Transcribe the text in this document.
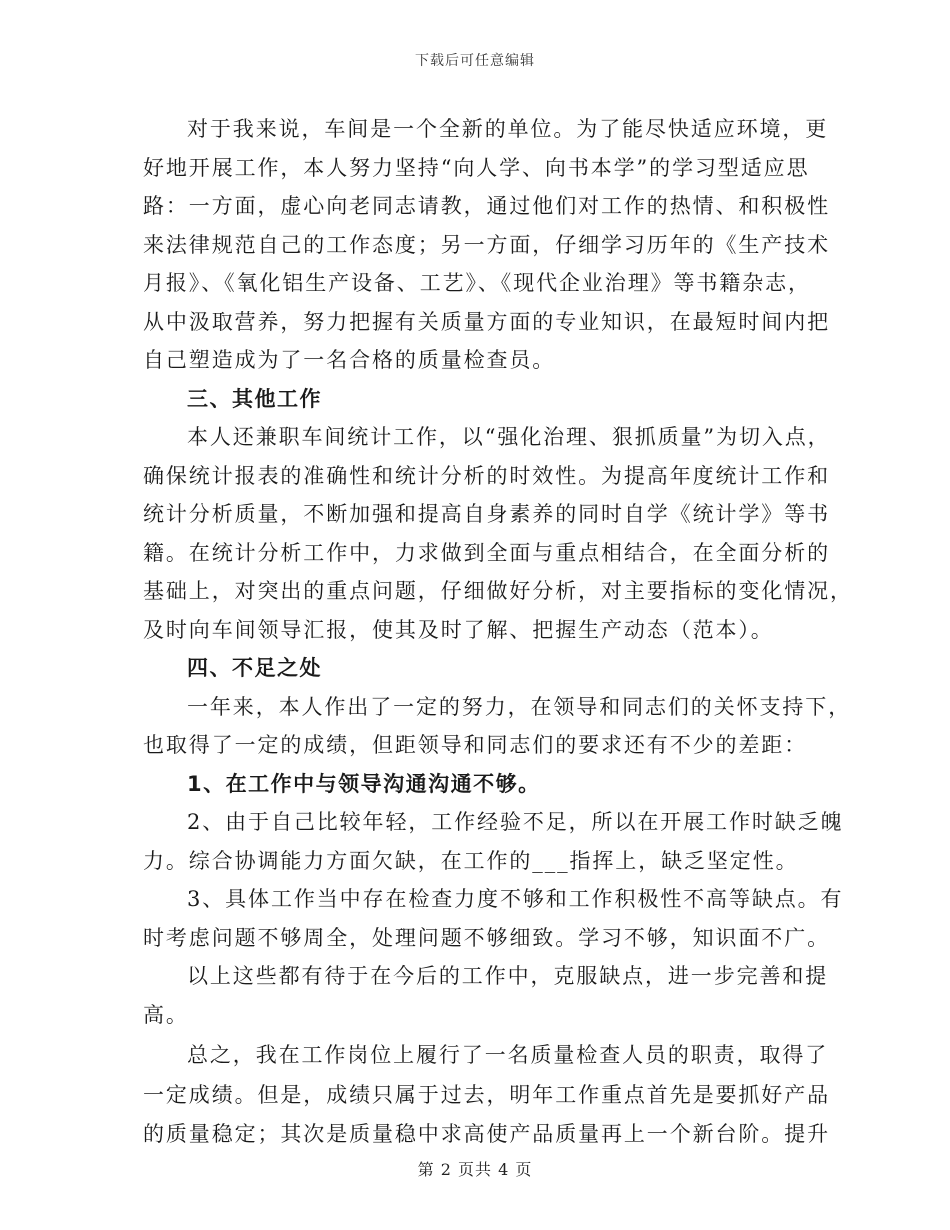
下载后可任意编辑
对于我来说，车间是一个全新的单位。为了能尽快适应环境，更
好地开展工作，本人努力坚持“向人学、向书本学”的学习型适应思
路：一方面，虚心向老同志请教，通过他们对工作的热情、和积极性
来法律规范自己的工作态度；另一方面，仔细学习历年的《生产技术
月报》、《氧化铝生产设备、工艺》、《现代企业治理》等书籍杂志，
从中汲取营养，努力把握有关质量方面的专业知识，在最短时间内把
自己塑造成为了一名合格的质量检查员。
三、其他工作
本人还兼职车间统计工作，以“强化治理、狠抓质量”为切入点，
确保统计报表的准确性和统计分析的时效性。为提高年度统计工作和
统计分析质量，不断加强和提高自身素养的同时自学《统计学》等书
籍。在统计分析工作中，力求做到全面与重点相结合，在全面分析的
基础上，对突出的重点问题，仔细做好分析，对主要指标的变化情况，
及时向车间领导汇报，使其及时了解、把握生产动态（范本）。
四、不足之处
一年来，本人作出了一定的努力，在领导和同志们的关怀支持下，
也取得了一定的成绩，但距领导和同志们的要求还有不少的差距：
1、在工作中与领导沟通沟通不够。
2、由于自己比较年轻，工作经验不足，所以在开展工作时缺乏魄
力。综合协调能力方面欠缺，在工作的___指挥上，缺乏坚定性。
3、具体工作当中存在检查力度不够和工作积极性不高等缺点。有
时考虑问题不够周全，处理问题不够细致。学习不够，知识面不广。
以上这些都有待于在今后的工作中，克服缺点，进一步完善和提
高。
总之，我在工作岗位上履行了一名质量检查人员的职责，取得了
一定成绩。但是，成绩只属于过去，明年工作重点首先是要抓好产品
的质量稳定；其次是质量稳中求高使产品质量再上一个新台阶。提升
第 2 页共 4 页
